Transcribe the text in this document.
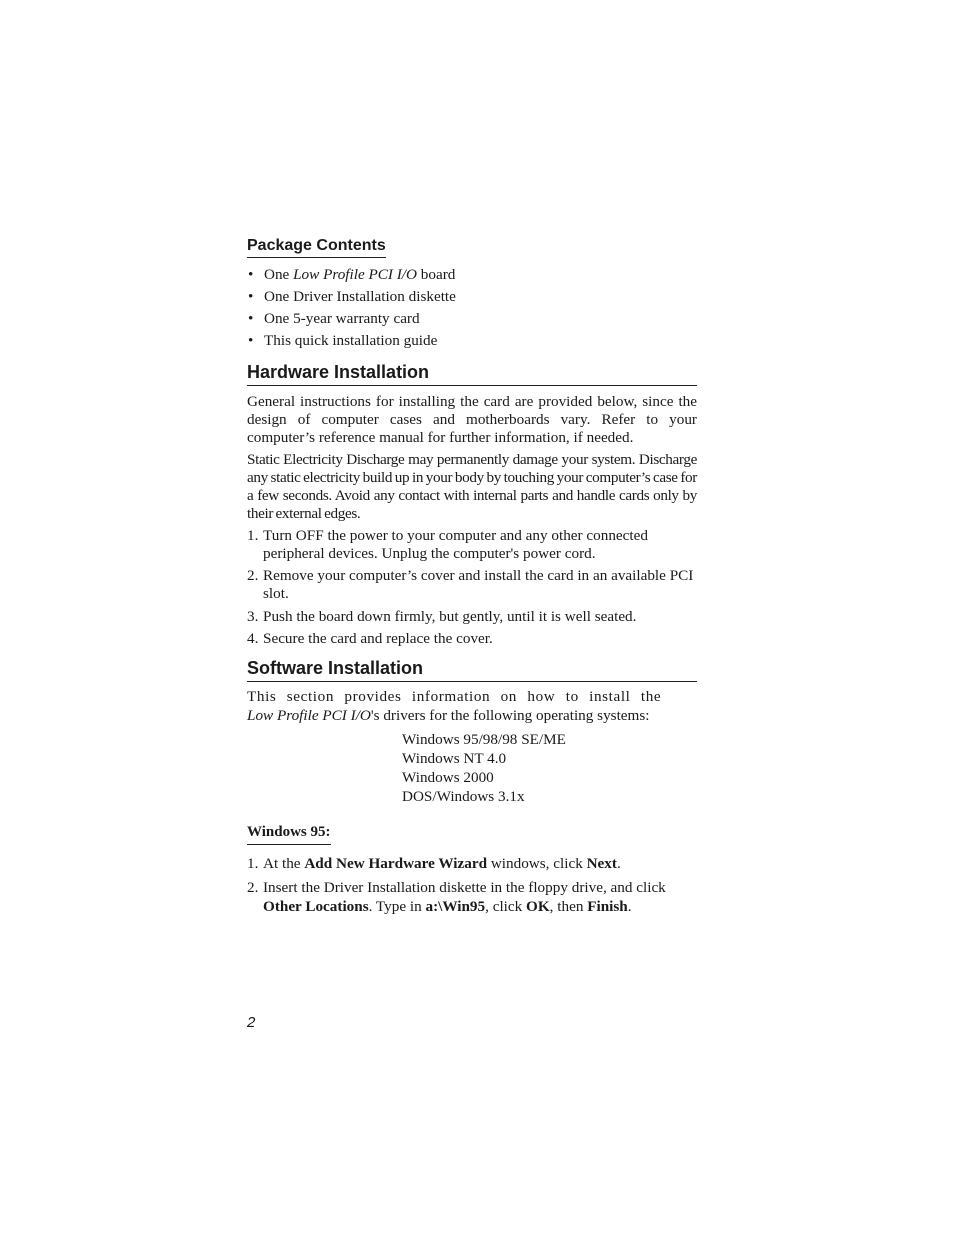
Package Contents
• One Low Profile PCI I/O board
• One Driver Installation diskette
• One 5-year warranty card
• This quick installation guide
Hardware Installation

General instructions for installing the card are provided below, since the design of computer cases and motherboards vary. Refer to your computer’s reference manual for further information, if needed.

Static Electricity Discharge may permanently damage your system. Discharge any static electricity build up in your body by touching your computer’s case for a few seconds. Avoid any contact with internal parts and handle cards only by their external edges.

1. Turn OFF the power to your computer and any other connected peripheral devices. Unplug the computer's power cord.
2. Remove your computer’s cover and install the card in an available PCI slot.
3. Push the board down firmly, but gently, until it is well seated.
4. Secure the card and replace the cover.
Software Installation

This section provides information on how to install the

Low Profile PCI I/O's drivers for the following operating systems:

Windows 95/98/98 SE/ME
Windows NT 4.0
Windows 2000
DOS/Windows 3.1x
Windows 95:
1. At the Add New Hardware Wizard windows, click Next.
2. Insert the Driver Installation diskette in the floppy drive, and click Other Locations. Type in a:\Win95, click OK, then Finish.
2
